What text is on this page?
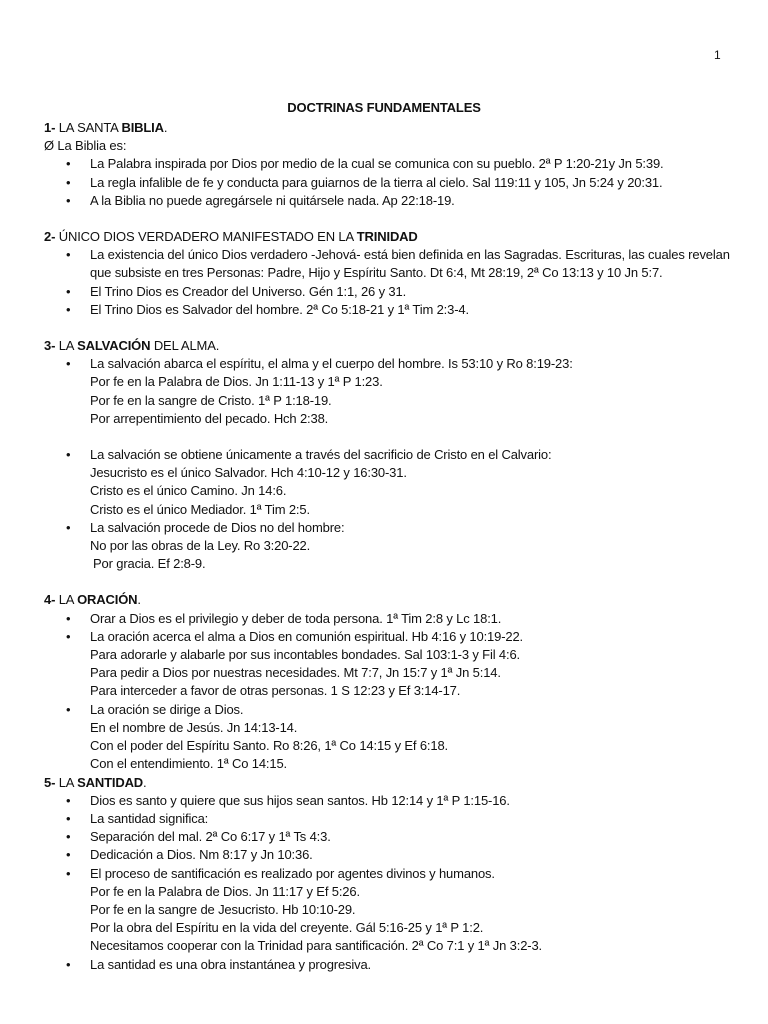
1
DOCTRINAS FUNDAMENTALES

1- LA SANTA BIBLIA.

Ø La Biblia es:

• La Palabra inspirada por Dios por medio de la cual se comunica con su pueblo. 2ª P 1:20-21y Jn 5:39.
• La regla infalible de fe y conducta para guiarnos de la tierra al cielo. Sal 119:11 y 105, Jn 5:24 y 20:31.
• A la Biblia no puede agregársele ni quitársele nada. Ap 22:18-19.

2- ÚNICO DIOS VERDADERO MANIFESTADO EN LA TRINIDAD

• La existencia del único Dios verdadero -Jehová- está bien definida en las Sagradas. Escrituras, las cuales revelan
que subsiste en tres Personas: Padre, Hijo y Espíritu Santo. Dt 6:4, Mt 28:19, 2ª Co 13:13 y 10 Jn 5:7.
• El Trino Dios es Creador del Universo. Gén 1:1, 26 y 31.
• El Trino Dios es Salvador del hombre. 2ª Co 5:18-21 y 1ª Tim 2:3-4.

3- LA SALVACIÓN DEL ALMA.

• La salvación abarca el espíritu, el alma y el cuerpo del hombre. Is 53:10 y Ro 8:19-23:
Por fe en la Palabra de Dios. Jn 1:11-13 y 1ª P 1:23.
Por fe en la sangre de Cristo. 1ª P 1:18-19.
Por arrepentimiento del pecado. Hch 2:38.
• La salvación se obtiene únicamente a través del sacrificio de Cristo en el Calvario:
Jesucristo es el único Salvador. Hch 4:10-12 y 16:30-31.
Cristo es el único Camino. Jn 14:6.
Cristo es el único Mediador. 1ª Tim 2:5.
• La salvación procede de Dios no del hombre:
No por las obras de la Ley. Ro 3:20-22.
Por gracia. Ef 2:8-9.

4- LA ORACIÓN.

• Orar a Dios es el privilegio y deber de toda persona. 1ª Tim 2:8 y Lc 18:1.
• La oración acerca el alma a Dios en comunión espiritual. Hb 4:16 y 10:19-22.
Para adorarle y alabarle por sus incontables bondades. Sal 103:1-3 y Fil 4:6.
Para pedir a Dios por nuestras necesidades. Mt 7:7, Jn 15:7 y 1ª Jn 5:14.
Para interceder a favor de otras personas. 1 S 12:23 y Ef 3:14-17.
• La oración se dirige a Dios.
En el nombre de Jesús. Jn 14:13-14.
Con el poder del Espíritu Santo. Ro 8:26, 1ª Co 14:15 y Ef 6:18.
Con el entendimiento. 1ª Co 14:15.

5- LA SANTIDAD.

• Dios es santo y quiere que sus hijos sean santos. Hb 12:14 y 1ª P 1:15-16.
• La santidad significa:
• Separación del mal. 2ª Co 6:17 y 1ª Ts 4:3.
• Dedicación a Dios. Nm 8:17 y Jn 10:36.
• El proceso de santificación es realizado por agentes divinos y humanos.
Por fe en la Palabra de Dios. Jn 11:17 y Ef 5:26.
Por fe en la sangre de Jesucristo. Hb 10:10-29.
Por la obra del Espíritu en la vida del creyente. Gál 5:16-25 y 1ª P 1:2.
Necesitamos cooperar con la Trinidad para santificación. 2ª Co 7:1 y 1ª Jn 3:2-3.
• La santidad es una obra instantánea y progresiva.
